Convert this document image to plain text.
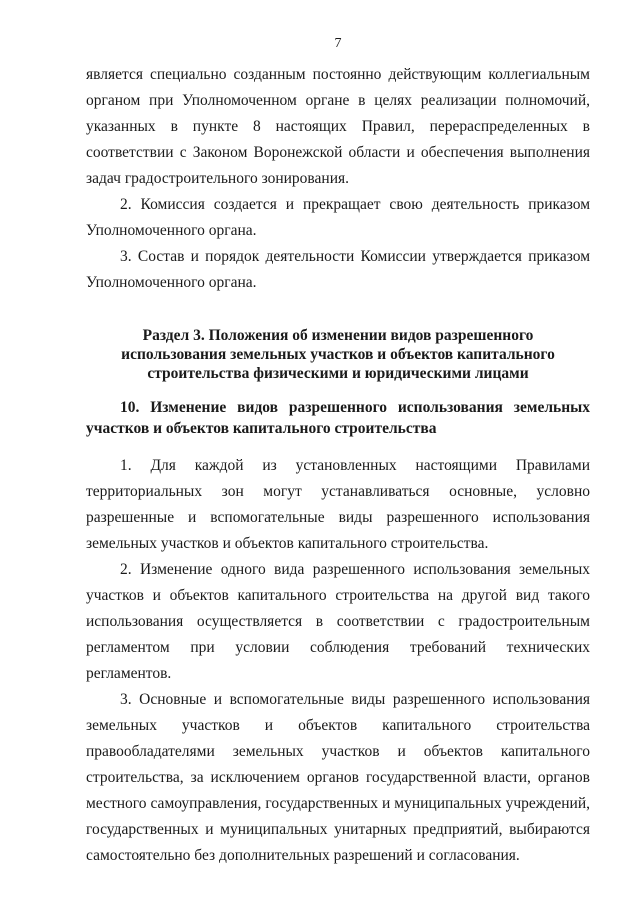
7

является специально созданным постоянно действующим коллегиальным органом при Уполномоченном органе в целях реализации полномочий, указанных в пункте 8 настоящих Правил, перераспределенных в соответствии с Законом Воронежской области и обеспечения выполнения задач градостроительного зонирования.

2. Комиссия создается и прекращает свою деятельность приказом Уполномоченного органа.

3. Состав и порядок деятельности Комиссии утверждается приказом Уполномоченного органа.

Раздел 3. Положения об изменении видов разрешенного использования земельных участков и объектов капитального строительства физическими и юридическими лицами

10. Изменение видов разрешенного использования земельных участков и объектов капитального строительства

1. Для каждой из установленных настоящими Правилами территориальных зон могут устанавливаться основные, условно разрешенные и вспомогательные виды разрешенного использования земельных участков и объектов капитального строительства.

2. Изменение одного вида разрешенного использования земельных участков и объектов капитального строительства на другой вид такого использования осуществляется в соответствии с градостроительным регламентом при условии соблюдения требований технических регламентов.

3. Основные и вспомогательные виды разрешенного использования земельных участков и объектов капитального строительства правообладателями земельных участков и объектов капитального строительства, за исключением органов государственной власти, органов местного самоуправления, государственных и муниципальных учреждений, государственных и муниципальных унитарных предприятий, выбираются самостоятельно без дополнительных разрешений и согласования.
